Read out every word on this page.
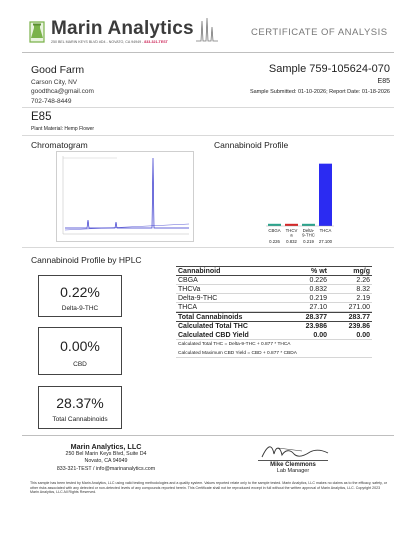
Marin Analytics
250 BEL MARIN KEYS BLVD #D4 - NOVATO, CA 94949 - 833-321-TEST
CERTIFICATE OF ANALYSIS
Good Farm
Carson City, NV
goodthca@gmail.com
702-748-8449
Sample 759-105624-070
E85
Sample Submitted: 01-10-2026; Report Date: 01-18-2026
E85
Plant Material: Hemp Flower
Chromatogram	Cannabinoid Profile
CBGA
0.226
THCV a
0.832
Delta-9-THC
0.219
THCA
27.100
Cannabinoid Profile by HPLC
0.22%
Delta-9-THC
0.00%
CBD
28.37%
Total Cannabinoids
Cannabinoid	% wt	mg/g
CBGA	0.226	2.26
THCVa	0.832	8.32
Delta-9-THC	0.219	2.19
THCA	27.10	271.00
Total Cannabinoids	28.377	283.77
Calculated Total THC	23.986	239.86
Calculated CBD Yield	0.00	0.00
Calculated Total THC = Delta-9-THC + 0.877 * THCA
Calculated Maximum CBD Yield = CBD + 0.877 * CBDA
Marin Analytics, LLC
250 Bel Marin Keys Blvd, Suite D4
Novato, CA 94949
833-321-TEST / info@marinanalytics.com
Mike Clemmons
Lab Manager
This sample has been tested by Marin Analytics, LLC using valid testing methodologies and a quality system. Values reported relate only to the sample tested. Marin Analytics, LLC makes no claims as to the efficacy, safety, or other risks associated with any detected or non-detected levels of any compounds reported herein. This Certificate shall not be reproduced except in full without the written approval of Marin Analytics, LLC. Copyright 2023 Marin Analytics, LLC All Rights Reserved.
